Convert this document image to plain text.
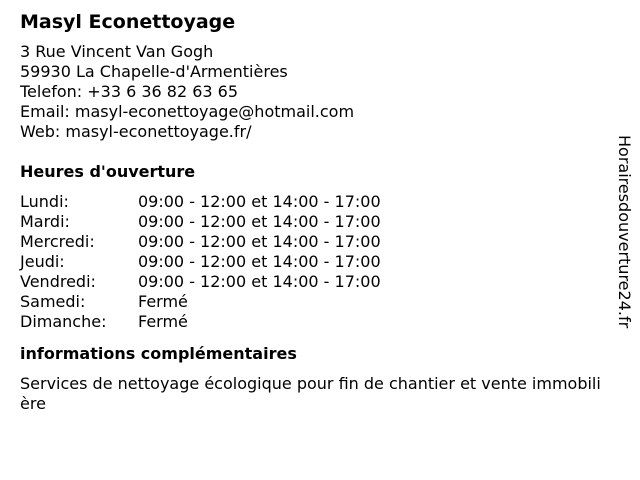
Masyl Econettoyage
3 Rue Vincent Van Gogh
59930 La Chapelle-d'Armentières
Telefon: +33 6 36 82 63 65
Email: masyl-econettoyage@hotmail.com
Web: masyl-econettoyage.fr/
Heures d'ouverture
Lundi:	09:00 - 12:00 et 14:00 - 17:00
Mardi:	09:00 - 12:00 et 14:00 - 17:00
Mercredi:	09:00 - 12:00 et 14:00 - 17:00
Jeudi:	09:00 - 12:00 et 14:00 - 17:00
Vendredi:	09:00 - 12:00 et 14:00 - 17:00
Samedi:	Fermé
Dimanche:	Fermé
informations complémentaires
Services de nettoyage écologique pour fin de chantier et vente immobilière
Horairesdouverture24.fr
